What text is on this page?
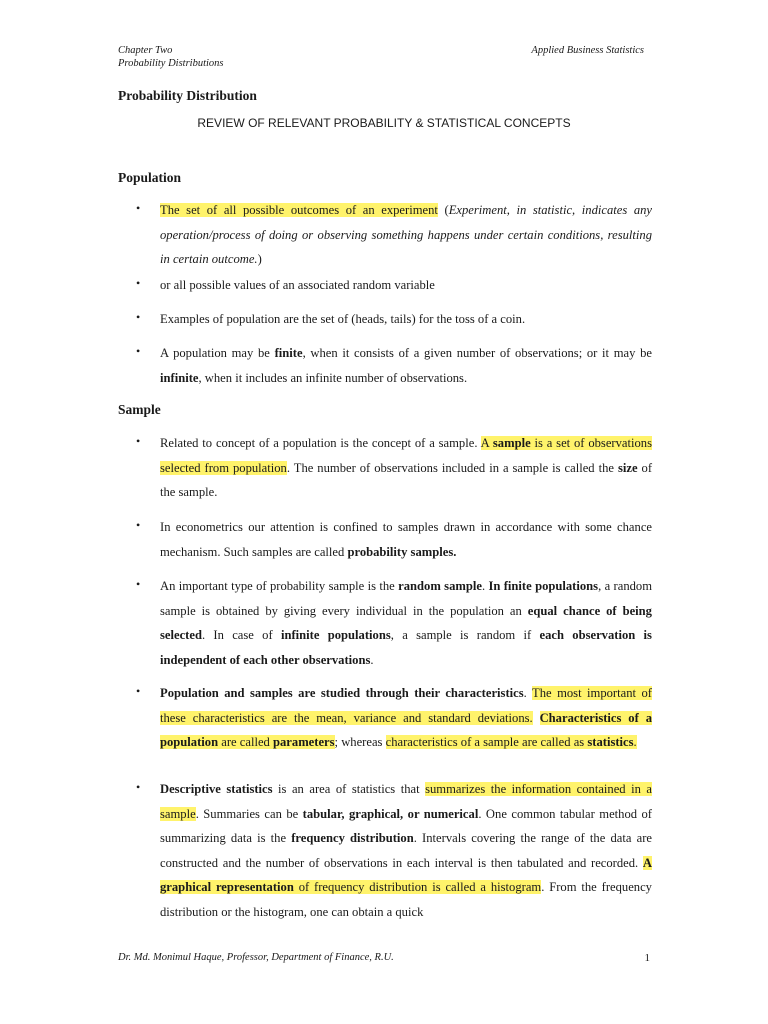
Chapter Two
Probability Distributions
Applied Business Statistics
Probability Distribution
REVIEW OF RELEVANT PROBABILITY & STATISTICAL CONCEPTS
Population
• The set of all possible outcomes of an experiment (Experiment, in statistic, indicates any operation/process of doing or observing something happens under certain conditions, resulting in certain outcome.)
• or all possible values of an associated random variable
• Examples of population are the set of (heads, tails) for the toss of a coin.
• A population may be finite, when it consists of a given number of observations; or it may be infinite, when it includes an infinite number of observations.
Sample
• Related to concept of a population is the concept of a sample. A sample is a set of observations selected from population. The number of observations included in a sample is called the size of the sample.
• In econometrics our attention is confined to samples drawn in accordance with some chance mechanism. Such samples are called probability samples.
• An important type of probability sample is the random sample. In finite populations, a random sample is obtained by giving every individual in the population an equal chance of being selected. In case of infinite populations, a sample is random if each observation is independent of each other observations.
• Population and samples are studied through their characteristics. The most important of these characteristics are the mean, variance and standard deviations. Characteristics of a population are called parameters; whereas characteristics of a sample are called as statistics.
• Descriptive statistics is an area of statistics that summarizes the information contained in a sample. Summaries can be tabular, graphical, or numerical. One common tabular method of summarizing data is the frequency distribution. Intervals covering the range of the data are constructed and the number of observations in each interval is then tabulated and recorded. A graphical representation of frequency distribution is called a histogram. From the frequency distribution or the histogram, one can obtain a quick
Dr. Md. Monimul Haque, Professor, Department of Finance, R.U.	1
